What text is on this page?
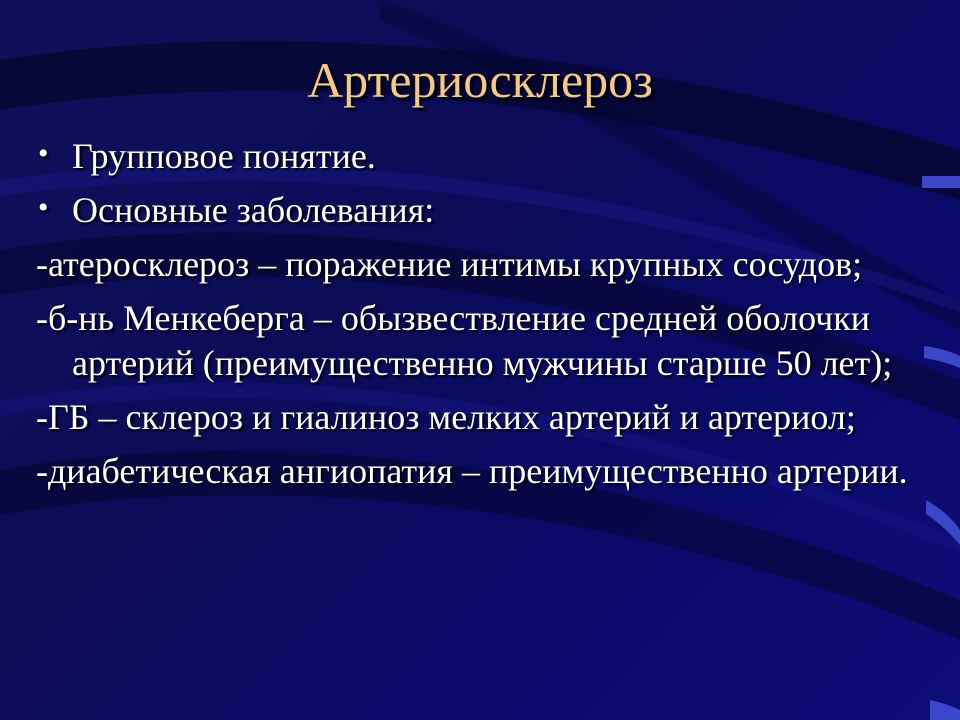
Артериосклероз
• Групповое понятие.
• Основные заболевания:
-атеросклероз – поражение интимы крупных сосудов;
-б-нь Менкеберга – обызвествление средней оболочки артерий (преимущественно мужчины старше 50 лет);
-ГБ – склероз и гиалиноз мелких артерий и артериол;
-диабетическая ангиопатия – преимущественно артерии.
